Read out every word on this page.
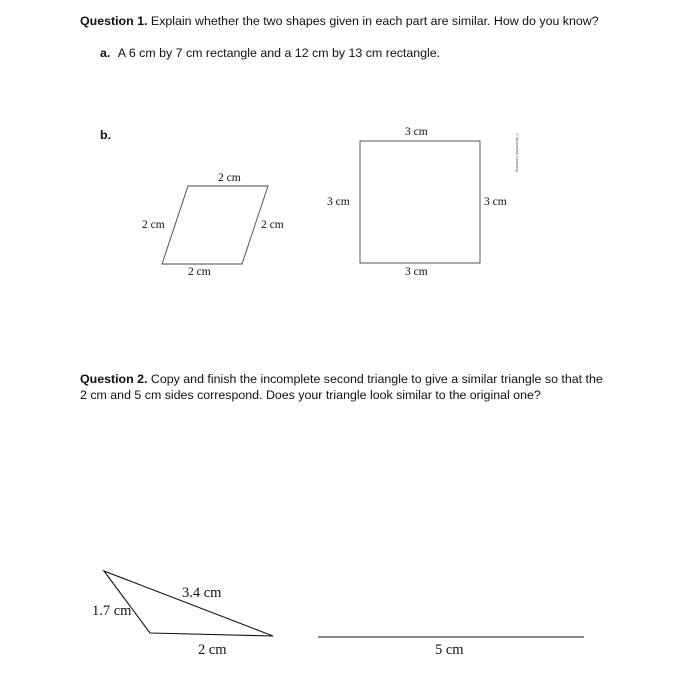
Question 1. Explain whether the two shapes given in each part are similar. How do you know?
a. A 6 cm by 7 cm rectangle and a 12 cm by 13 cm rectangle.
b.
2 cm
2 cm	2 cm
2 cm
3 cm
3 cm	3 cm
3 cm
© Macmillan Learning
Question 2. Copy and finish the incomplete second triangle to give a similar triangle so that the
2 cm and 5 cm sides correspond. Does your triangle look similar to the original one?
1.7 cm
3.4 cm
2 cm	5 cm
